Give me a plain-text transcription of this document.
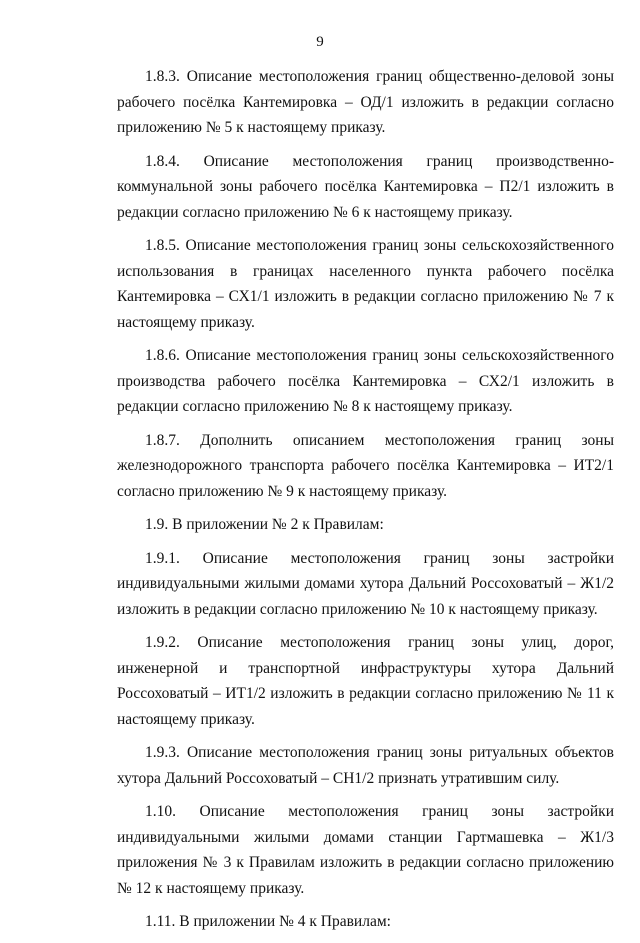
9

1.8.3. Описание местоположения границ общественно-деловой зоны рабочего посёлка Кантемировка – ОД/1 изложить в редакции согласно приложению № 5 к настоящему приказу.

1.8.4. Описание местоположения границ производственно-коммунальной зоны рабочего посёлка Кантемировка – П2/1 изложить в редакции согласно приложению № 6 к настоящему приказу.

1.8.5. Описание местоположения границ зоны сельскохозяйственного использования в границах населенного пункта рабочего посёлка Кантемировка – СХ1/1 изложить в редакции согласно приложению № 7 к настоящему приказу.

1.8.6. Описание местоположения границ зоны сельскохозяйственного производства рабочего посёлка Кантемировка – СХ2/1 изложить в редакции согласно приложению № 8 к настоящему приказу.

1.8.7. Дополнить описанием местоположения границ зоны железнодорожного транспорта рабочего посёлка Кантемировка – ИТ2/1 согласно приложению № 9 к настоящему приказу.

1.9. В приложении № 2 к Правилам:

1.9.1. Описание местоположения границ зоны застройки индивидуальными жилыми домами хутора Дальний Россоховатый – Ж1/2 изложить в редакции согласно приложению № 10 к настоящему приказу.

1.9.2. Описание местоположения границ зоны улиц, дорог, инженерной и транспортной инфраструктуры хутора Дальний Россоховатый – ИТ1/2 изложить в редакции согласно приложению № 11 к настоящему приказу.

1.9.3. Описание местоположения границ зоны ритуальных объектов хутора Дальний Россоховатый – СН1/2 признать утратившим силу.

1.10. Описание местоположения границ зоны застройки индивидуальными жилыми домами станции Гартмашевка – Ж1/3 приложения № 3 к Правилам изложить в редакции согласно приложению № 12 к настоящему приказу.

1.11. В приложении № 4 к Правилам:
